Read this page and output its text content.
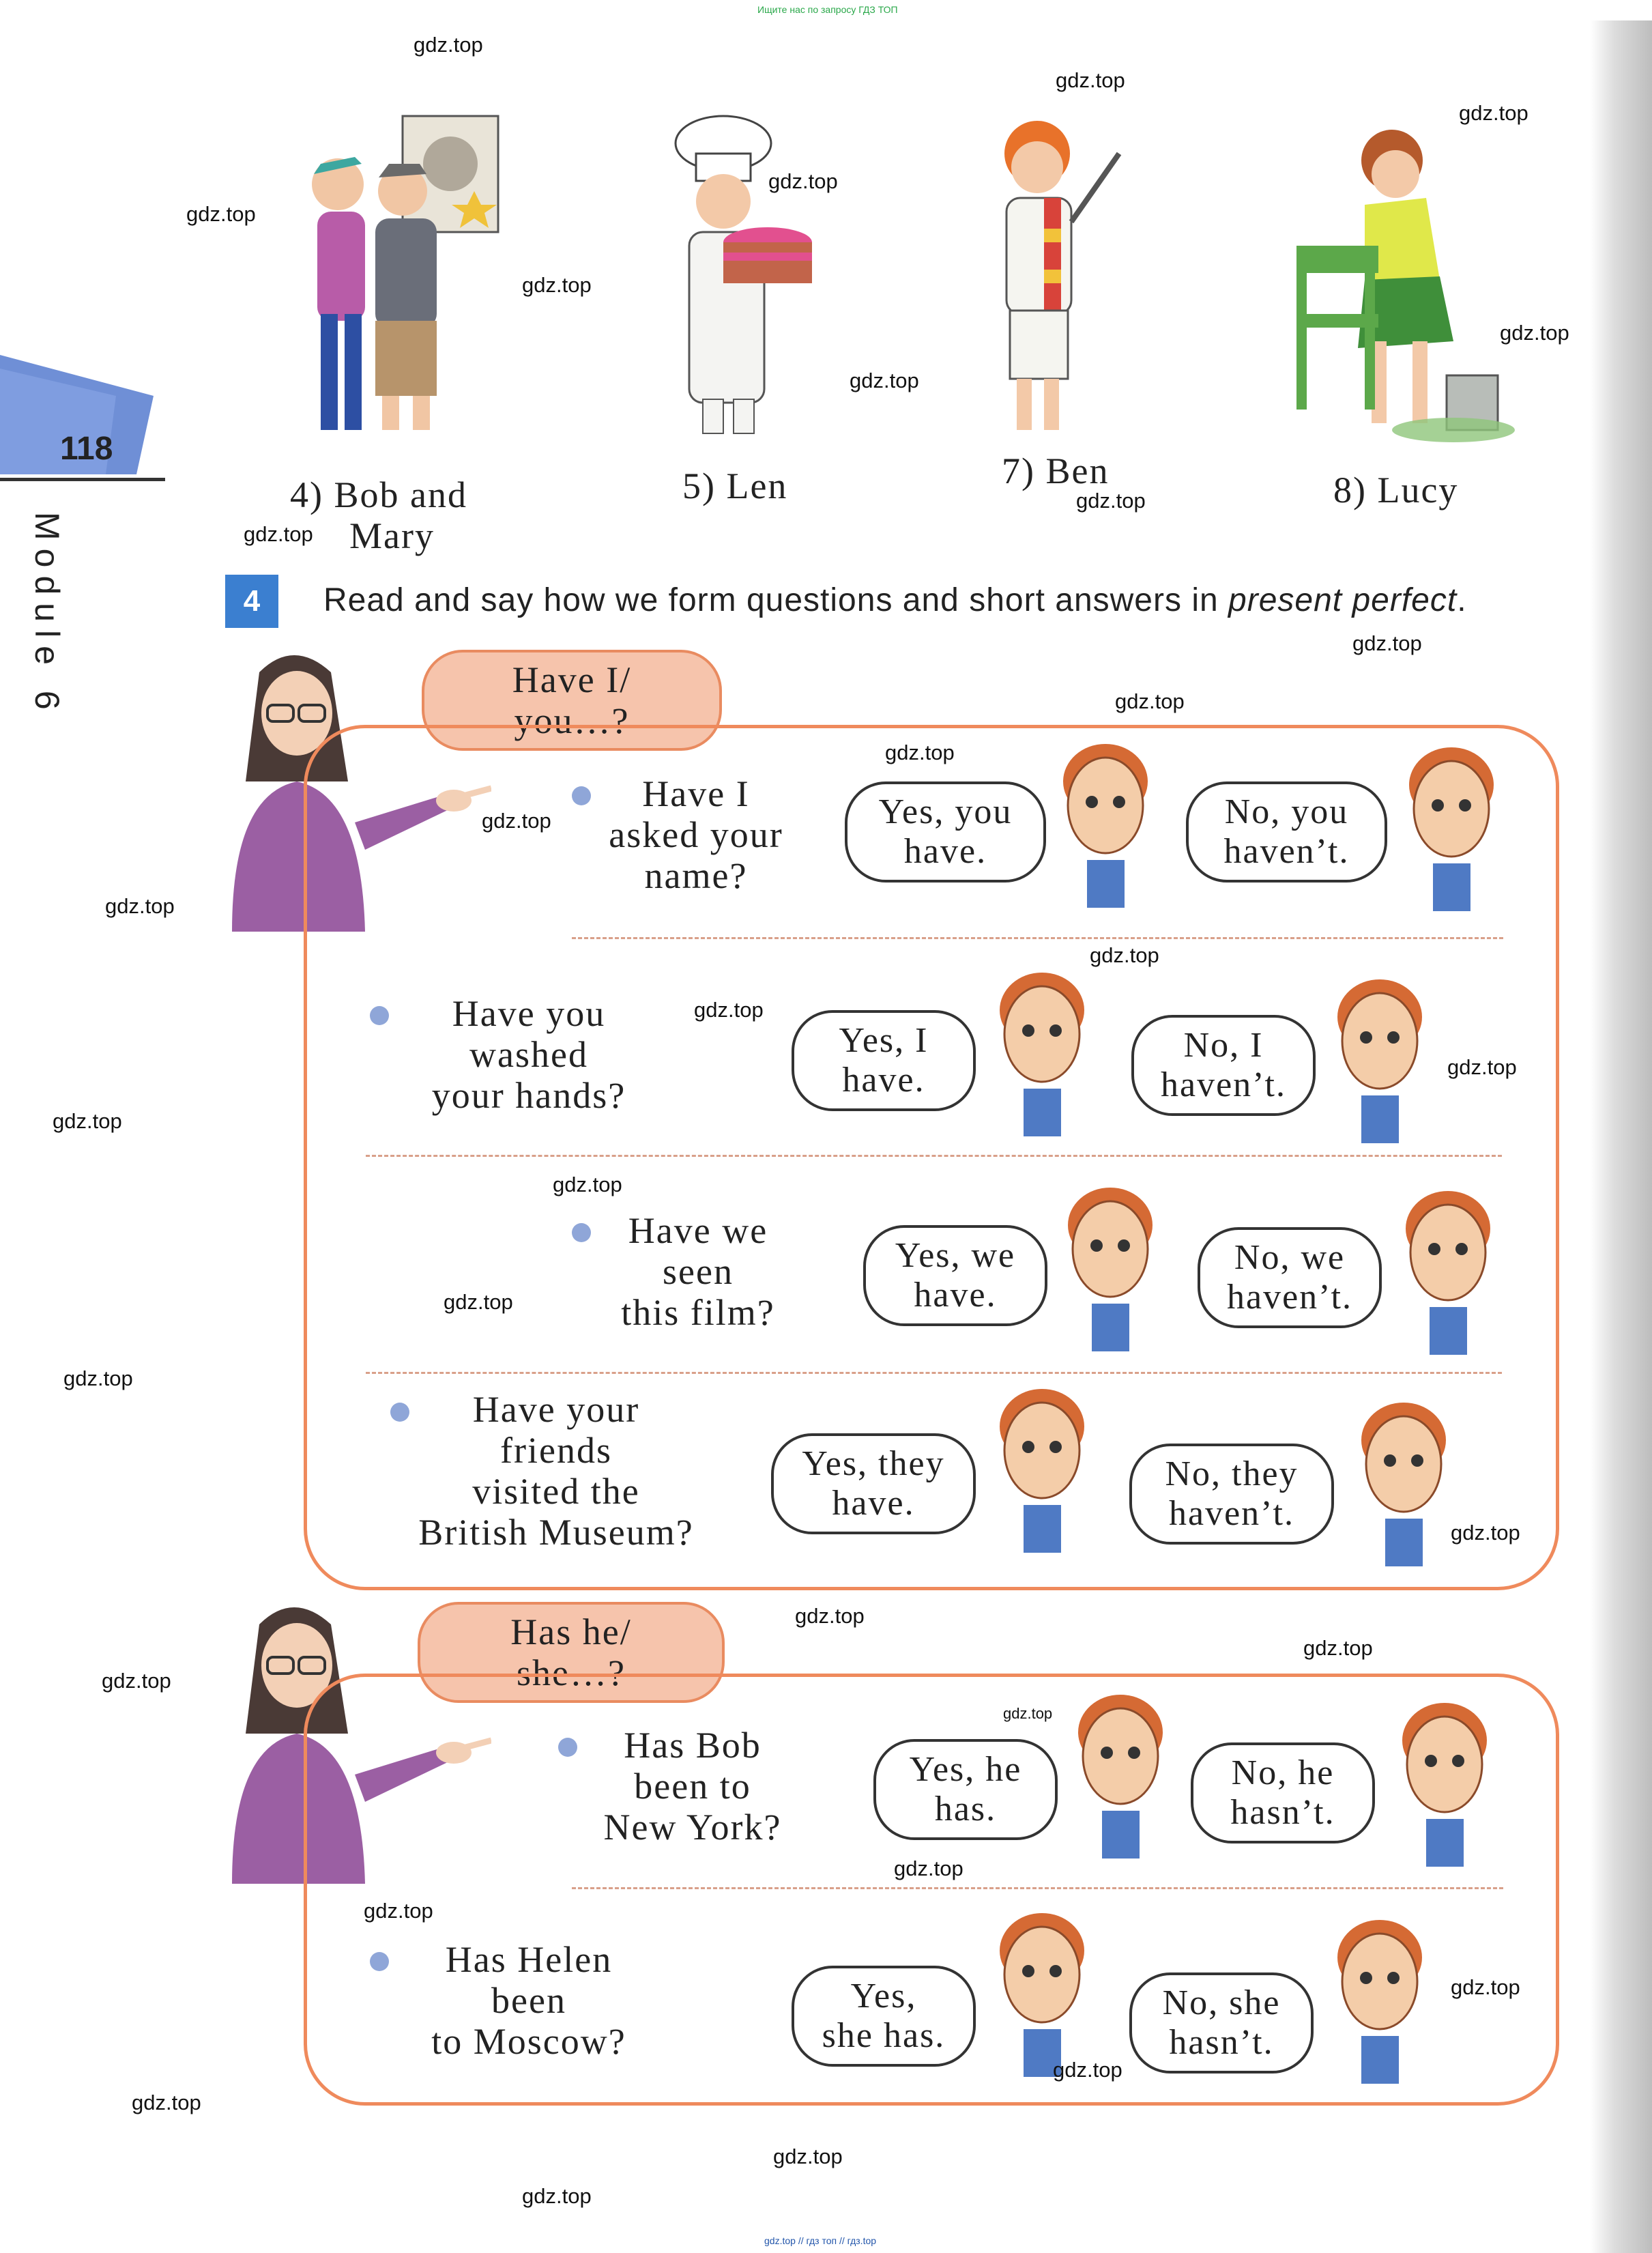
Ищите нас по запросу ГДЗ ТОП
118
Module 6
4) Bob and
Mary
5) Len	7) Ben	8) Lucy
4 Read and say how we form questions and short answers in present perfect.
Have I/
you…?
Have I
asked your
name?
Yes, you
have.
No, you
haven’t.
Have you
washed
your hands?
Yes, I
have.
No, I
haven’t.
Have we
seen
this film?
Yes, we
have.
No, we
haven’t.
Have your
friends
visited the
British Museum?
Yes, they
have.
No, they
haven’t.
Has he/
she…?
Has Bob
been to
New York?
Yes, he
has.
No, he
hasn’t.
Has Helen
been
to Moscow?
Yes,
she has.
No, she
hasn’t.
gdz.top
gdz.top
gdz.top
gdz.top
gdz.top
gdz.top
gdz.top
gdz.top
gdz.top
gdz.top
gdz.top
gdz.top
gdz.top
gdz.top
gdz.top
gdz.top
gdz.top
gdz.top
gdz.top
gdz.top
gdz.top
gdz.top
gdz.top
gdz.top
gdz.top
gdz.top
gdz.top
gdz.top
gdz.top
gdz.top
gdz.top
gdz.top
gdz.top
gdz.top
gdz.top // гдз топ // гдз.top
